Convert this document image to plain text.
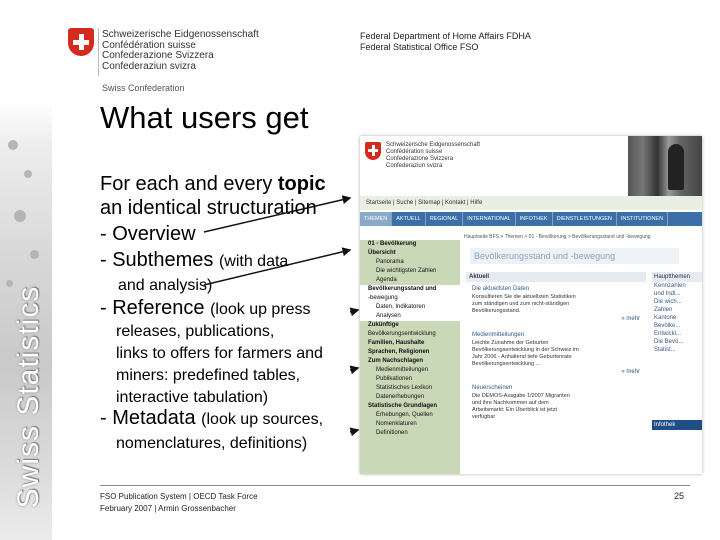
Swiss Statistics
Schweizerische Eidgenossenschaft
Confédération suisse
Confederazione Svizzera
Confederaziun svizra
Swiss Confederation
Federal Department of Home Affairs FDHA
Federal Statistical Office FSO
What users get
For each and every topic
an identical structuration
- Overview
- Subthemes (with data
and analysis)
- Reference (look up press
releases, publications,
links to offers for farmers and
miners: predefined tables,
interactive tabulation)
- Metadata (look up sources,
nomenclatures, definitions)
Schweizerische Eidgenossenschaft
Confédération suisse
Confederazione Svizzera
Confederaziun svizra
Startseite | Suche | Sitemap | Kontakt | Hilfe
THEMEN	AKTUELL	REGIONAL	INTERNATIONAL	INFOTHEK	DIENSTLEISTUNGEN	INSTITUTIONEN
Hauptseite BFS > Themen > 01 - Bevölkerung > Bevölkerungsstand und -bewegung
01 - Bevölkerung
Übersicht
Panorama
Die wichtigsten Zahlen
Agenda
Bevölkerungsstand und
-bewegung
Daten, Indikatoren
Analysen
Zukünftige
Bevölkerungsentwicklung
Familien, Haushalte
Sprachen, Religionen
Zum Nachschlagen
Medienmitteilungen
Publikationen
Statistisches Lexikon
Datenerhebungen
Statistische Grundlagen
Erhebungen, Quellen
Nomenklaturen
Definitionen
Bevölkerungsstand und -bewegung
Aktuell
Die aktuellsten Daten
Konsultieren Sie die aktuellsten Statistiken
zum ständigen und zum nicht-ständigen
Bevölkerungsstand.
» mehr
Medienmitteilungen
Leichte Zunahme der Geburten
Bevölkerungsentwicklung in der Schweiz im
Jahr 2006 - Anhaltend tiefe Geburtenrate
Bevölkerungsentwicklung ...
» mehr
Neuerscheinen
Die DEMOS-Ausgabe 1/2007 Migranten
und ihre Nachkommen auf dem
Arbeitsmarkt: Ein Überblick ist jetzt
verfügbar
Hauptthemen
Kennzahlen
und Indi...
Die wich...
Zahlen
Kantone
Bevölke...
Entwickl...
Die Bevö...
Statist...
Infothek
FSO Publication System | OECD Task Force
February 2007 | Armin Grossenbacher
25
